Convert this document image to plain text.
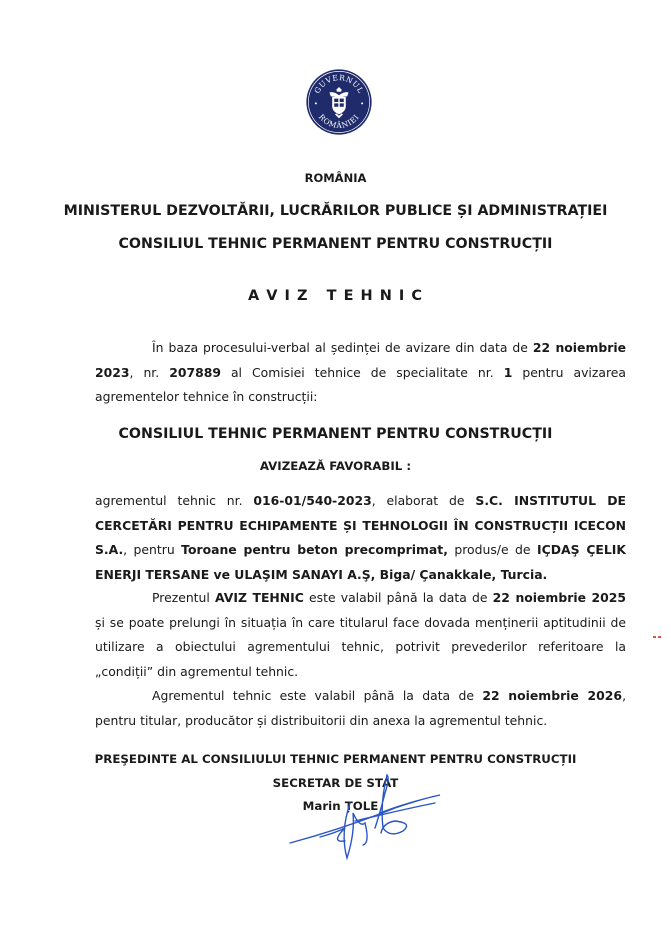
GUVERNUL
ROMÂNIEI
ROMÂNIA
MINISTERUL DEZVOLTĂRII, LUCRĂRILOR PUBLICE ȘI ADMINISTRAȚIEI
CONSILIUL TEHNIC PERMANENT PENTRU CONSTRUCȚII
A V I Z   T E H N I C
În baza procesului-verbal al ședinței de avizare din data de 22 noiembrie 2023, nr. 207889 al Comisiei tehnice de specialitate nr. 1 pentru avizarea agrementelor tehnice în construcții:
CONSILIUL TEHNIC PERMANENT PENTRU CONSTRUCȚII
AVIZEAZĂ FAVORABIL :
agrementul tehnic nr. 016-01/540-2023, elaborat de S.C. INSTITUTUL DE CERCETĂRI PENTRU ECHIPAMENTE ȘI TEHNOLOGII ÎN CONSTRUCȚII ICECON S.A., pentru Toroane pentru beton precomprimat, produs/e de IÇDAŞ ÇELIK ENERJI TERSANE ve ULAŞIM SANAYI A.Ş, Biga/ Çanakkale, Turcia.
Prezentul AVIZ TEHNIC este valabil până la data de 22 noiembrie 2025 și se poate prelungi în situația în care titularul face dovada menținerii aptitudinii de utilizare a obiectului agrementului tehnic, potrivit prevederilor referitoare la „condiții” din agrementul tehnic.
Agrementul tehnic este valabil până la data de 22 noiembrie 2026, pentru titular, producător și distribuitorii din anexa la agrementul tehnic.
PREŞEDINTE AL CONSILIULUI TEHNIC PERMANENT PENTRU CONSTRUCȚII
SECRETAR DE STAT
Marin ȚOLE
